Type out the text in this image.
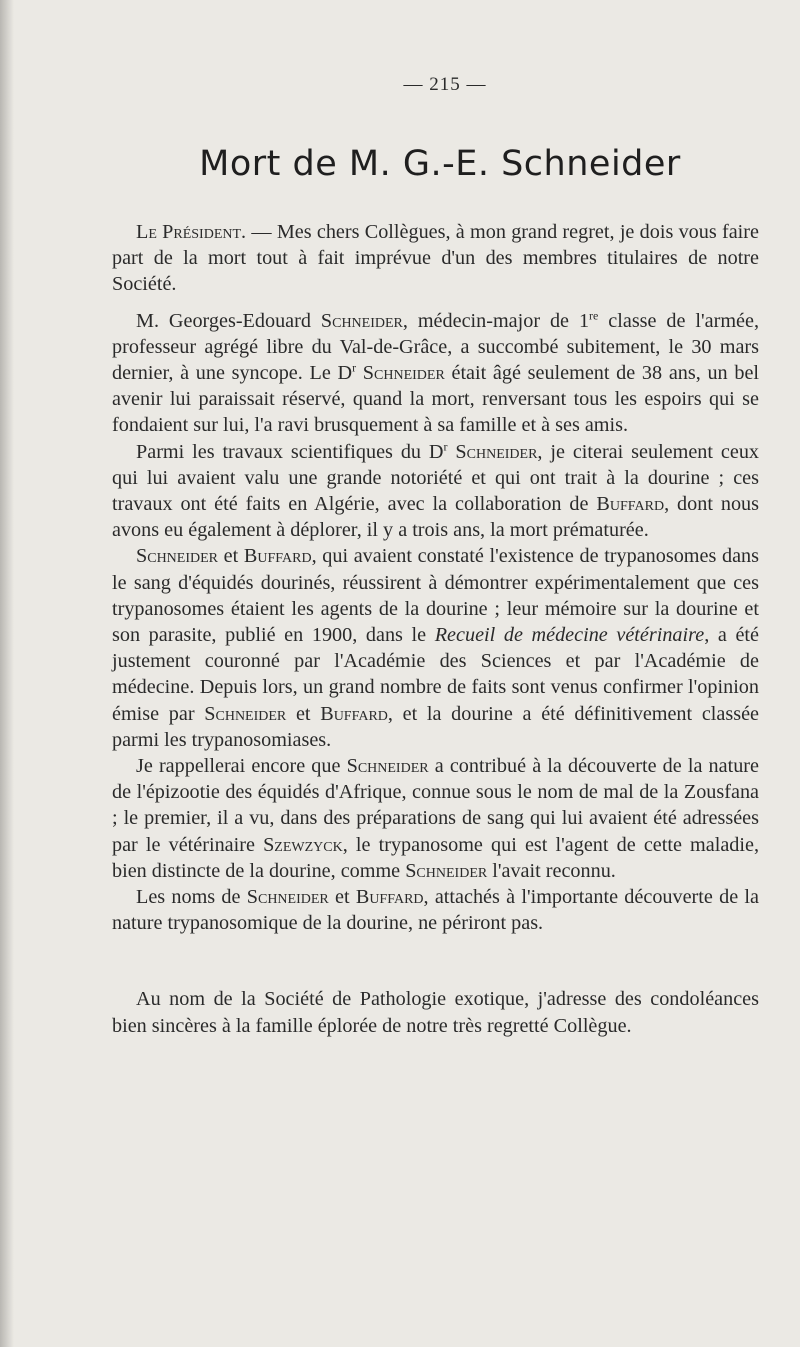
— 215 —
Mort de M. G.-E. Schneider

Le Président. — Mes chers Collègues, à mon grand regret, je dois vous faire part de la mort tout à fait imprévue d'un des membres titulaires de notre Société.

M. Georges-Edouard Schneider, médecin-major de 1re classe de l'armée, professeur agrégé libre du Val-de-Grâce, a succombé subitement, le 30 mars dernier, à une syncope. Le $D^r$ Schneider était âgé seulement de 38 ans, un bel avenir lui paraissait réservé, quand la mort, renversant tous les espoirs qui se fondaient sur lui, l'a ravi brusquement à sa famille et à ses amis.

Parmi les travaux scientifiques du $D^r$ Schneider, je citerai seulement ceux qui lui avaient valu une grande notoriété et qui ont trait à la dourine ; ces travaux ont été faits en Algérie, avec la collaboration de Buffard, dont nous avons eu également à déplorer, il y a trois ans, la mort prématurée.

Schneider et Buffard, qui avaient constaté l'existence de trypanosomes dans le sang d'équidés dourinés, réussirent à démontrer expérimentalement que ces trypanosomes étaient les agents de la dourine ; leur mémoire sur la dourine et son parasite, publié en 1900, dans le Recueil de médecine vétérinaire, a été justement couronné par l'Académie des Sciences et par l'Académie de médecine. Depuis lors, un grand nombre de faits sont venus confirmer l'opinion émise par Schneider et Buffard, et la dourine a été définitivement classée parmi les trypanosomiases.

Je rappellerai encore que Schneider a contribué à la découverte de la nature de l'épizootie des équidés d'Afrique, connue sous le nom de mal de la Zousfana ; le premier, il a vu, dans des préparations de sang qui lui avaient été adressées par le vétérinaire Szewzyck, le trypanosome qui est l'agent de cette maladie, bien distincte de la dourine, comme Schneider l'avait reconnu.

Les noms de Schneider et Buffard, attachés à l'importante découverte de la nature trypanosomique de la dourine, ne périront pas.

Au nom de la Société de Pathologie exotique, j'adresse des condoléances bien sincères à la famille éplorée de notre très regretté Collègue.
